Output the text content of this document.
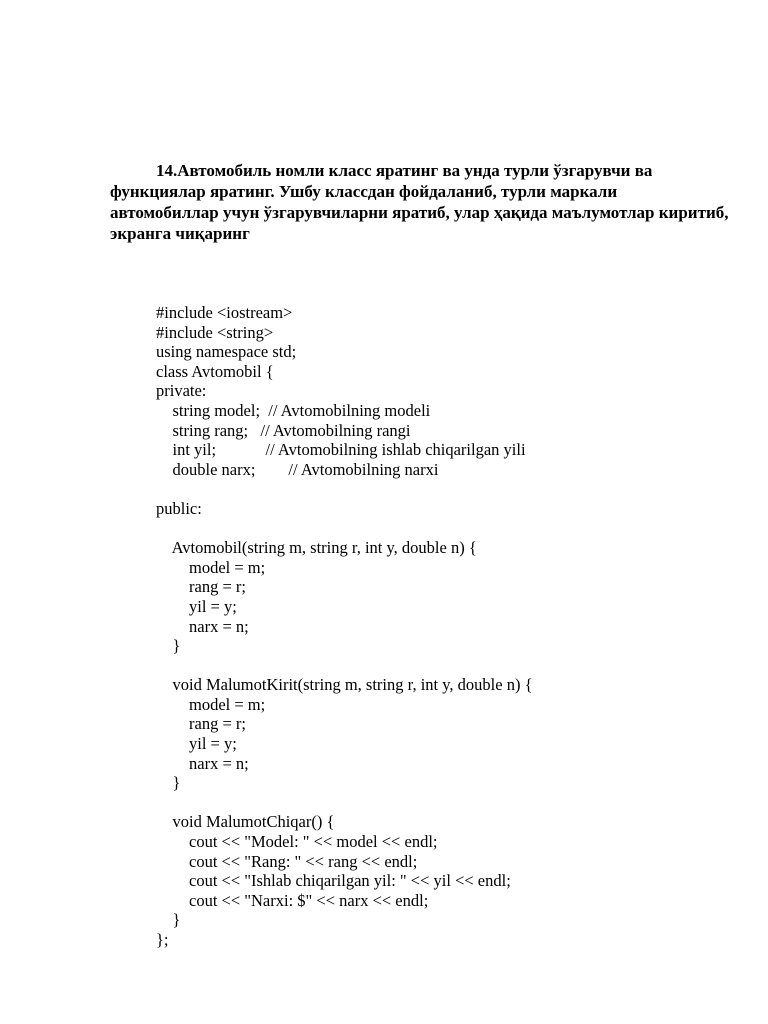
14.Автомобиль номли класс яратинг ва унда турли ўзгарувчи ва функциялар яратинг. Ушбу классдан фойдаланиб, турли маркали автомобиллар учун ўзгарувчиларни яратиб, улар ҳақида маълумотлар киритиб, экранга чиқаринг

#include <iostream>
#include <string>
using namespace std;
class Avtomobil {
private:
string model;  // Avtomobilning modeli
string rang;   // Avtomobilning rangi
int yil;            // Avtomobilning ishlab chiqarilgan yili
double narx;        // Avtomobilning narxi
public:
Avtomobil(string m, string r, int y, double n) {
model = m;
rang = r;
yil = y;
narx = n;
}
void MalumotKirit(string m, string r, int y, double n) {
model = m;
rang = r;
yil = y;
narx = n;
}
void MalumotChiqar() {
cout << "Model: " << model << endl;
cout << "Rang: " << rang << endl;
cout << "Ishlab chiqarilgan yil: " << yil << endl;
cout << "Narxi: $" << narx << endl;
}
};
